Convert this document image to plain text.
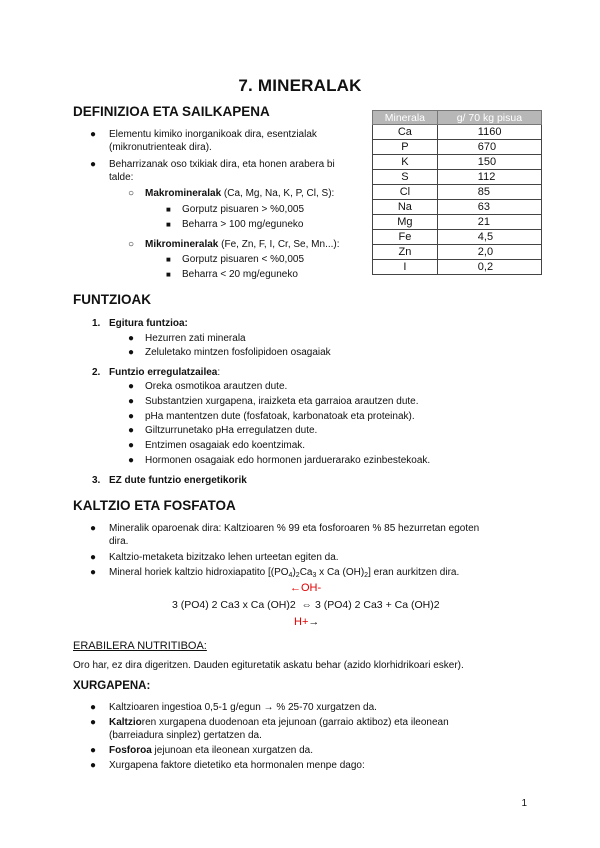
7. MINERALAK
DEFINIZIOA ETA SAILKAPENA
● Elementu kimiko inorganikoak dira, esentzialak
(mikronutrienteak dira).
● Beharrizanak oso txikiak dira, eta honen arabera bi
talde:
○ Makromineralak (Ca, Mg, Na, K, P, Cl, S):
■ Gorputz pisuaren > %0,005
■ Beharra > 100 mg/eguneko
○ Mikromineralak (Fe, Zn, F, I, Cr, Se, Mn...):
■ Gorputz pisuaren < %0,005
■ Beharra < 20 mg/eguneko
Minerala	g/ 70 kg pisua
Ca	1160
P	670
K	150
S	112
Cl	85
Na	63
Mg	21
Fe	4,5
Zn	2,0
I	0,2
FUNTZIOAK
1. Egitura funtzioa:
● Hezurren zati minerala
● Zeluletako mintzen fosfolipidoen osagaiak
2. Funtzio erregulatzailea:
● Oreka osmotikoa arautzen dute.
● Substantzien xurgapena, iraizketa eta garraioa arautzen dute.
● pHa mantentzen dute (fosfatoak, karbonatoak eta proteinak).
● Giltzurrunetako pHa erregulatzen dute.
● Entzimen osagaiak edo koentzimak.
● Hormonen osagaiak edo hormonen jarduerarako ezinbestekoak.
3. EZ dute funtzio energetikorik
KALTZIO ETA FOSFATOA
● Mineralik oparoenak dira: Kaltzioaren % 99 eta fosforoaren % 85 hezurretan egoten
dira.
● Kaltzio-metaketa bizitzako lehen urteetan egiten da.
● Mineral horiek kaltzio hidroxiapatito [$(PO_4)_2Ca_3$ x Ca $(OH)_2$] eran aurkitzen dira.
←OH-
3 (PO4) 2 Ca3 x Ca (OH)2  ⇔ 3 (PO4) 2 Ca3 + Ca (OH)2
H+→
ERABILERA NUTRITIBOA:
Oro har, ez dira digeritzen. Dauden egituretatik askatu behar (azido klorhidrikoari esker).
XURGAPENA:
● Kaltzioaren ingestioa 0,5-1 g/egun → % 25-70 xurgatzen da.
● Kaltzioren xurgapena duodenoan eta jejunoan (garraio aktiboz) eta ileonean
(barreiadura sinplez) gertatzen da.
● Fosforoa jejunoan eta ileonean xurgatzen da.
● Xurgapena faktore dietetiko eta hormonalen menpe dago:
1
